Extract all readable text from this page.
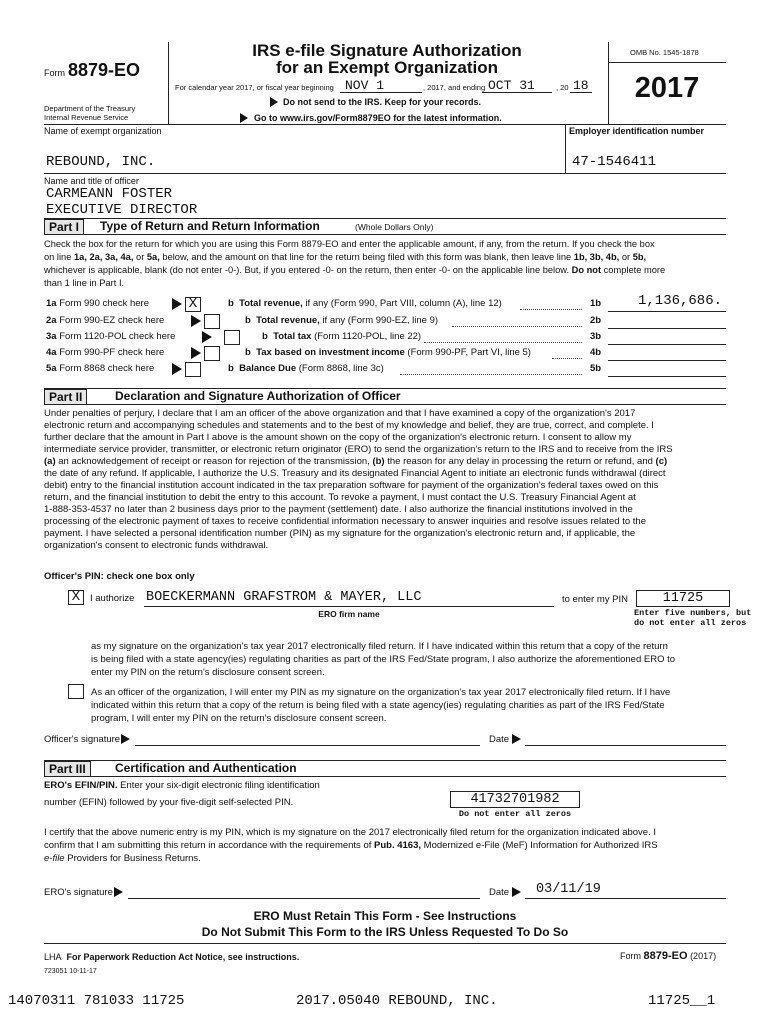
Form 8879-EO
Department of the Treasury
Internal Revenue Service
IRS e-file Signature Authorization
for an Exempt Organization
For calendar year 2017, or fiscal year beginning NOV 1	, 2017, and ending OCT 31	, 20 18
Do not send to the IRS. Keep for your records.
Go to www.irs.gov/Form8879EO for the latest information.
OMB No. 1545-1878
2017
Name of exempt organization	Employer identification number
REBOUND, INC.	47-1546411
Name and title of officer
CARMEANN FOSTER
EXECUTIVE DIRECTOR
Part I	Type of Return and Return Information	(Whole Dollars Only)
Check the box for the return for which you are using this Form 8879-EO and enter the applicable amount, if any, from the return. If you check the box
on line 1a, 2a, 3a, 4a, or 5a, below, and the amount on that line for the return being filed with this form was blank, then leave line 1b, 3b, 4b, or 5b,
whichever is applicable, blank (do not enter -0-). But, if you entered -0- on the return, then enter -0- on the applicable line below. Do not complete more
than 1 line in Part I.
1a Form 990 check here	X	b Total revenue, if any (Form 990, Part VIII, column (A), line 12)	1b	1,136,686.
2a Form 990-EZ check here	b Total revenue, if any (Form 990-EZ, line 9)	2b
3a Form 1120-POL check here	b Total tax (Form 1120-POL, line 22)	3b
4a Form 990-PF check here	b Tax based on investment income (Form 990-PF, Part VI, line 5)	4b
5a Form 8868 check here	b Balance Due (Form 8868, line 3c)	5b
Part II	Declaration and Signature Authorization of Officer
Under penalties of perjury, I declare that I am an officer of the above organization and that I have examined a copy of the organization's 2017
electronic return and accompanying schedules and statements and to the best of my knowledge and belief, they are true, correct, and complete. I
further declare that the amount in Part I above is the amount shown on the copy of the organization's electronic return. I consent to allow my
intermediate service provider, transmitter, or electronic return originator (ERO) to send the organization's return to the IRS and to receive from the IRS
(a) an acknowledgement of receipt or reason for rejection of the transmission, (b) the reason for any delay in processing the return or refund, and (c)
the date of any refund. If applicable, I authorize the U.S. Treasury and its designated Financial Agent to initiate an electronic funds withdrawal (direct
debit) entry to the financial institution account indicated in the tax preparation software for payment of the organization's federal taxes owed on this
return, and the financial institution to debit the entry to this account. To revoke a payment, I must contact the U.S. Treasury Financial Agent at
1-888-353-4537 no later than 2 business days prior to the payment (settlement) date. I also authorize the financial institutions involved in the
processing of the electronic payment of taxes to receive confidential information necessary to answer inquiries and resolve issues related to the
payment. I have selected a personal identification number (PIN) as my signature for the organization's electronic return and, if applicable, the
organization's consent to electronic funds withdrawal.
Officer's PIN: check one box only
X	I authorize BOECKERMANN GRAFSTROM & MAYER, LLC
ERO firm name
to enter my PIN	11725
Enter five numbers, but
do not enter all zeros
as my signature on the organization's tax year 2017 electronically filed return. If I have indicated within this return that a copy of the return
is being filed with a state agency(ies) regulating charities as part of the IRS Fed/State program, I also authorize the aforementioned ERO to
enter my PIN on the return's disclosure consent screen.
As an officer of the organization, I will enter my PIN as my signature on the organization's tax year 2017 electronically filed return. If I have
indicated within this return that a copy of the return is being filed with a state agency(ies) regulating charities as part of the IRS Fed/State
program, I will enter my PIN on the return's disclosure consent screen.
Officer's signature	Date
Part III	Certification and Authentication
ERO's EFIN/PIN. Enter your six-digit electronic filing identification
number (EFIN) followed by your five-digit self-selected PIN.	41732701982
Do not enter all zeros
I certify that the above numeric entry is my PIN, which is my signature on the 2017 electronically filed return for the organization indicated above. I
confirm that I am submitting this return in accordance with the requirements of Pub. 4163, Modernized e-File (MeF) Information for Authorized IRS
e-file Providers for Business Returns.
ERO's signature	Date 03/11/19
ERO Must Retain This Form - See Instructions
Do Not Submit This Form to the IRS Unless Requested To Do So
LHA For Paperwork Reduction Act Notice, see instructions.	Form 8879-EO (2017)
723051 10-11-17
14070311 781033 11725	2017.05040 REBOUND, INC.	11725__1
